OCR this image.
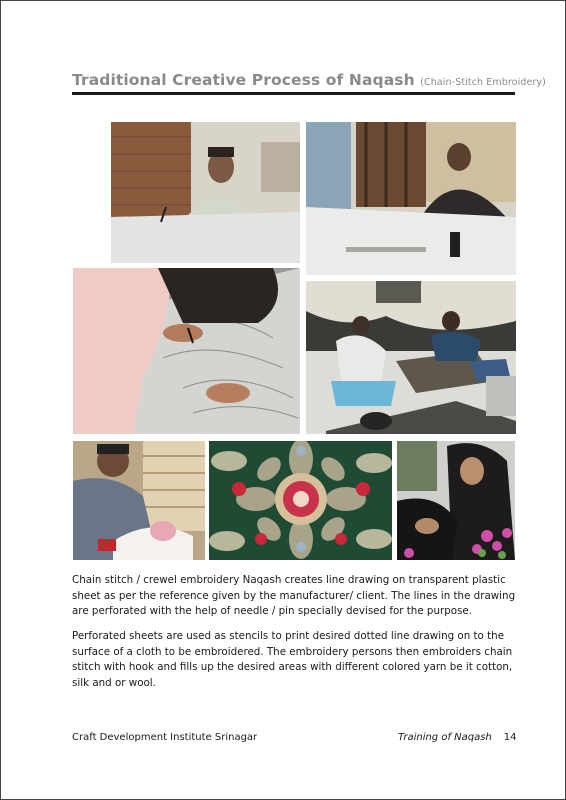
Traditional Creative Process of Naqash (Chain-Stitch Embroidery)

Chain stitch / crewel embroidery Naqash creates line drawing on transparent plastic sheet as per the reference given by the manufacturer/ client. The lines in the drawing are perforated with the help of needle / pin specially devised for the purpose.

Perforated sheets are used as stencils to print desired dotted line drawing on to the surface of a cloth to be embroidered. The embroidery persons then embroiders chain stitch with hook and fills up the desired areas with different colored yarn be it cotton, silk and or wool.

Craft Development Institute Srinagar	Training of Naqash 14
